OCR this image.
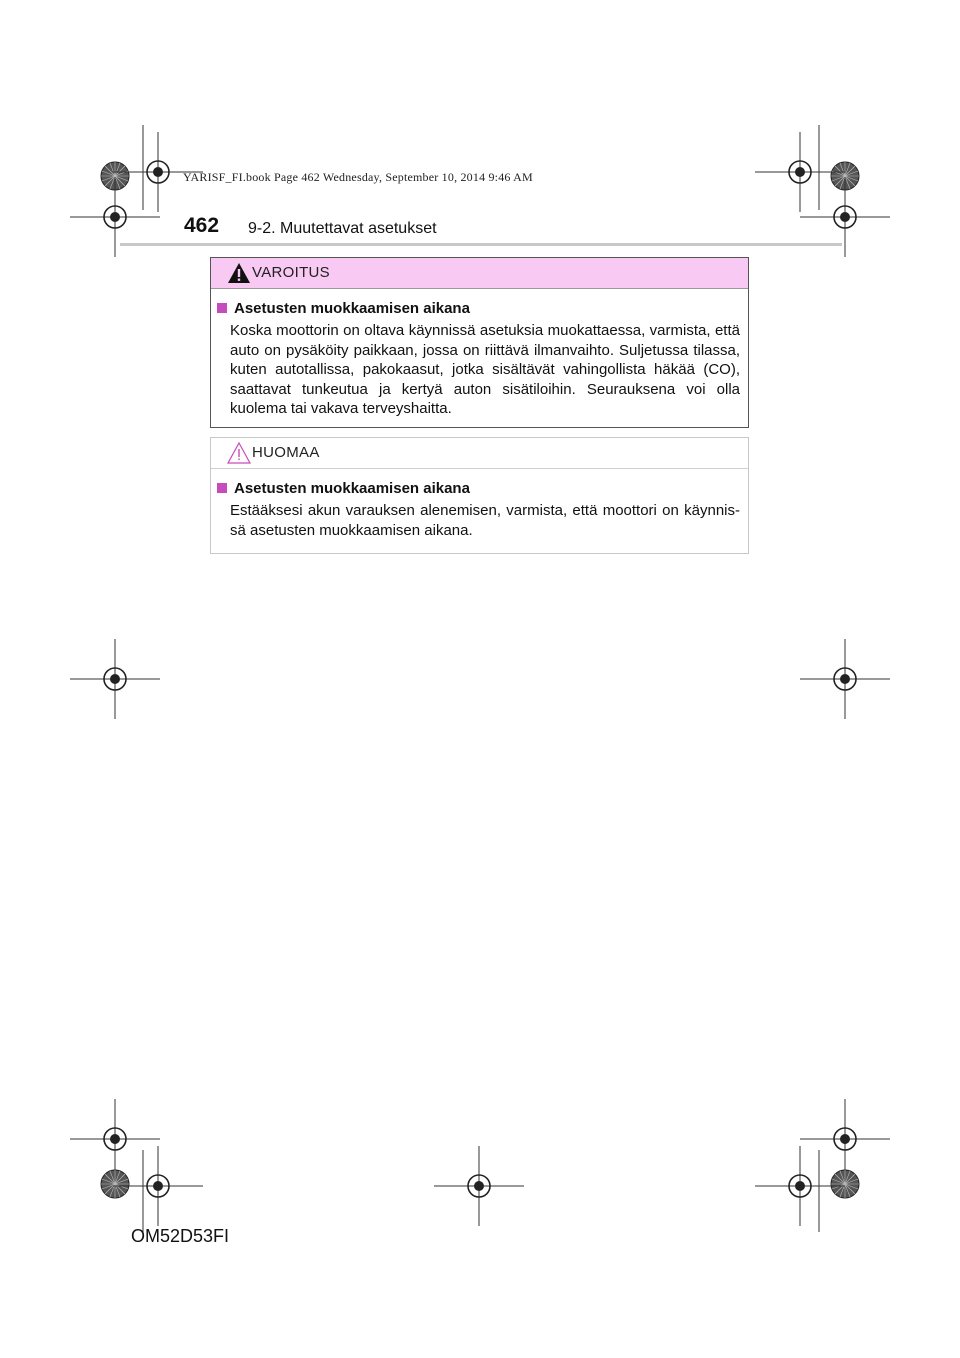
YARISF_FI.book Page 462 Wednesday, September 10, 2014 9:46 AM
462 9-2. Muutettavat asetukset
VAROITUS
Asetusten muokkaamisen aikana
Koska moottorin on oltava käynnissä asetuksia muokattaessa, varmista, että auto on pysäköity paikkaan, jossa on riittävä ilmanvaihto. Suljetussa tilassa, kuten autotallissa, pakokaasut, jotka sisältävät vahingollista häkää (CO), saattavat tunkeutua ja kertyä auton sisätiloihin. Seurauksena voi olla kuolema tai vakava terveyshaitta.
HUOMAA
Asetusten muokkaamisen aikana
Estääksesi akun varauksen alenemisen, varmista, että moottori on käynnis-sä asetusten muokkaamisen aikana.
OM52D53FI
